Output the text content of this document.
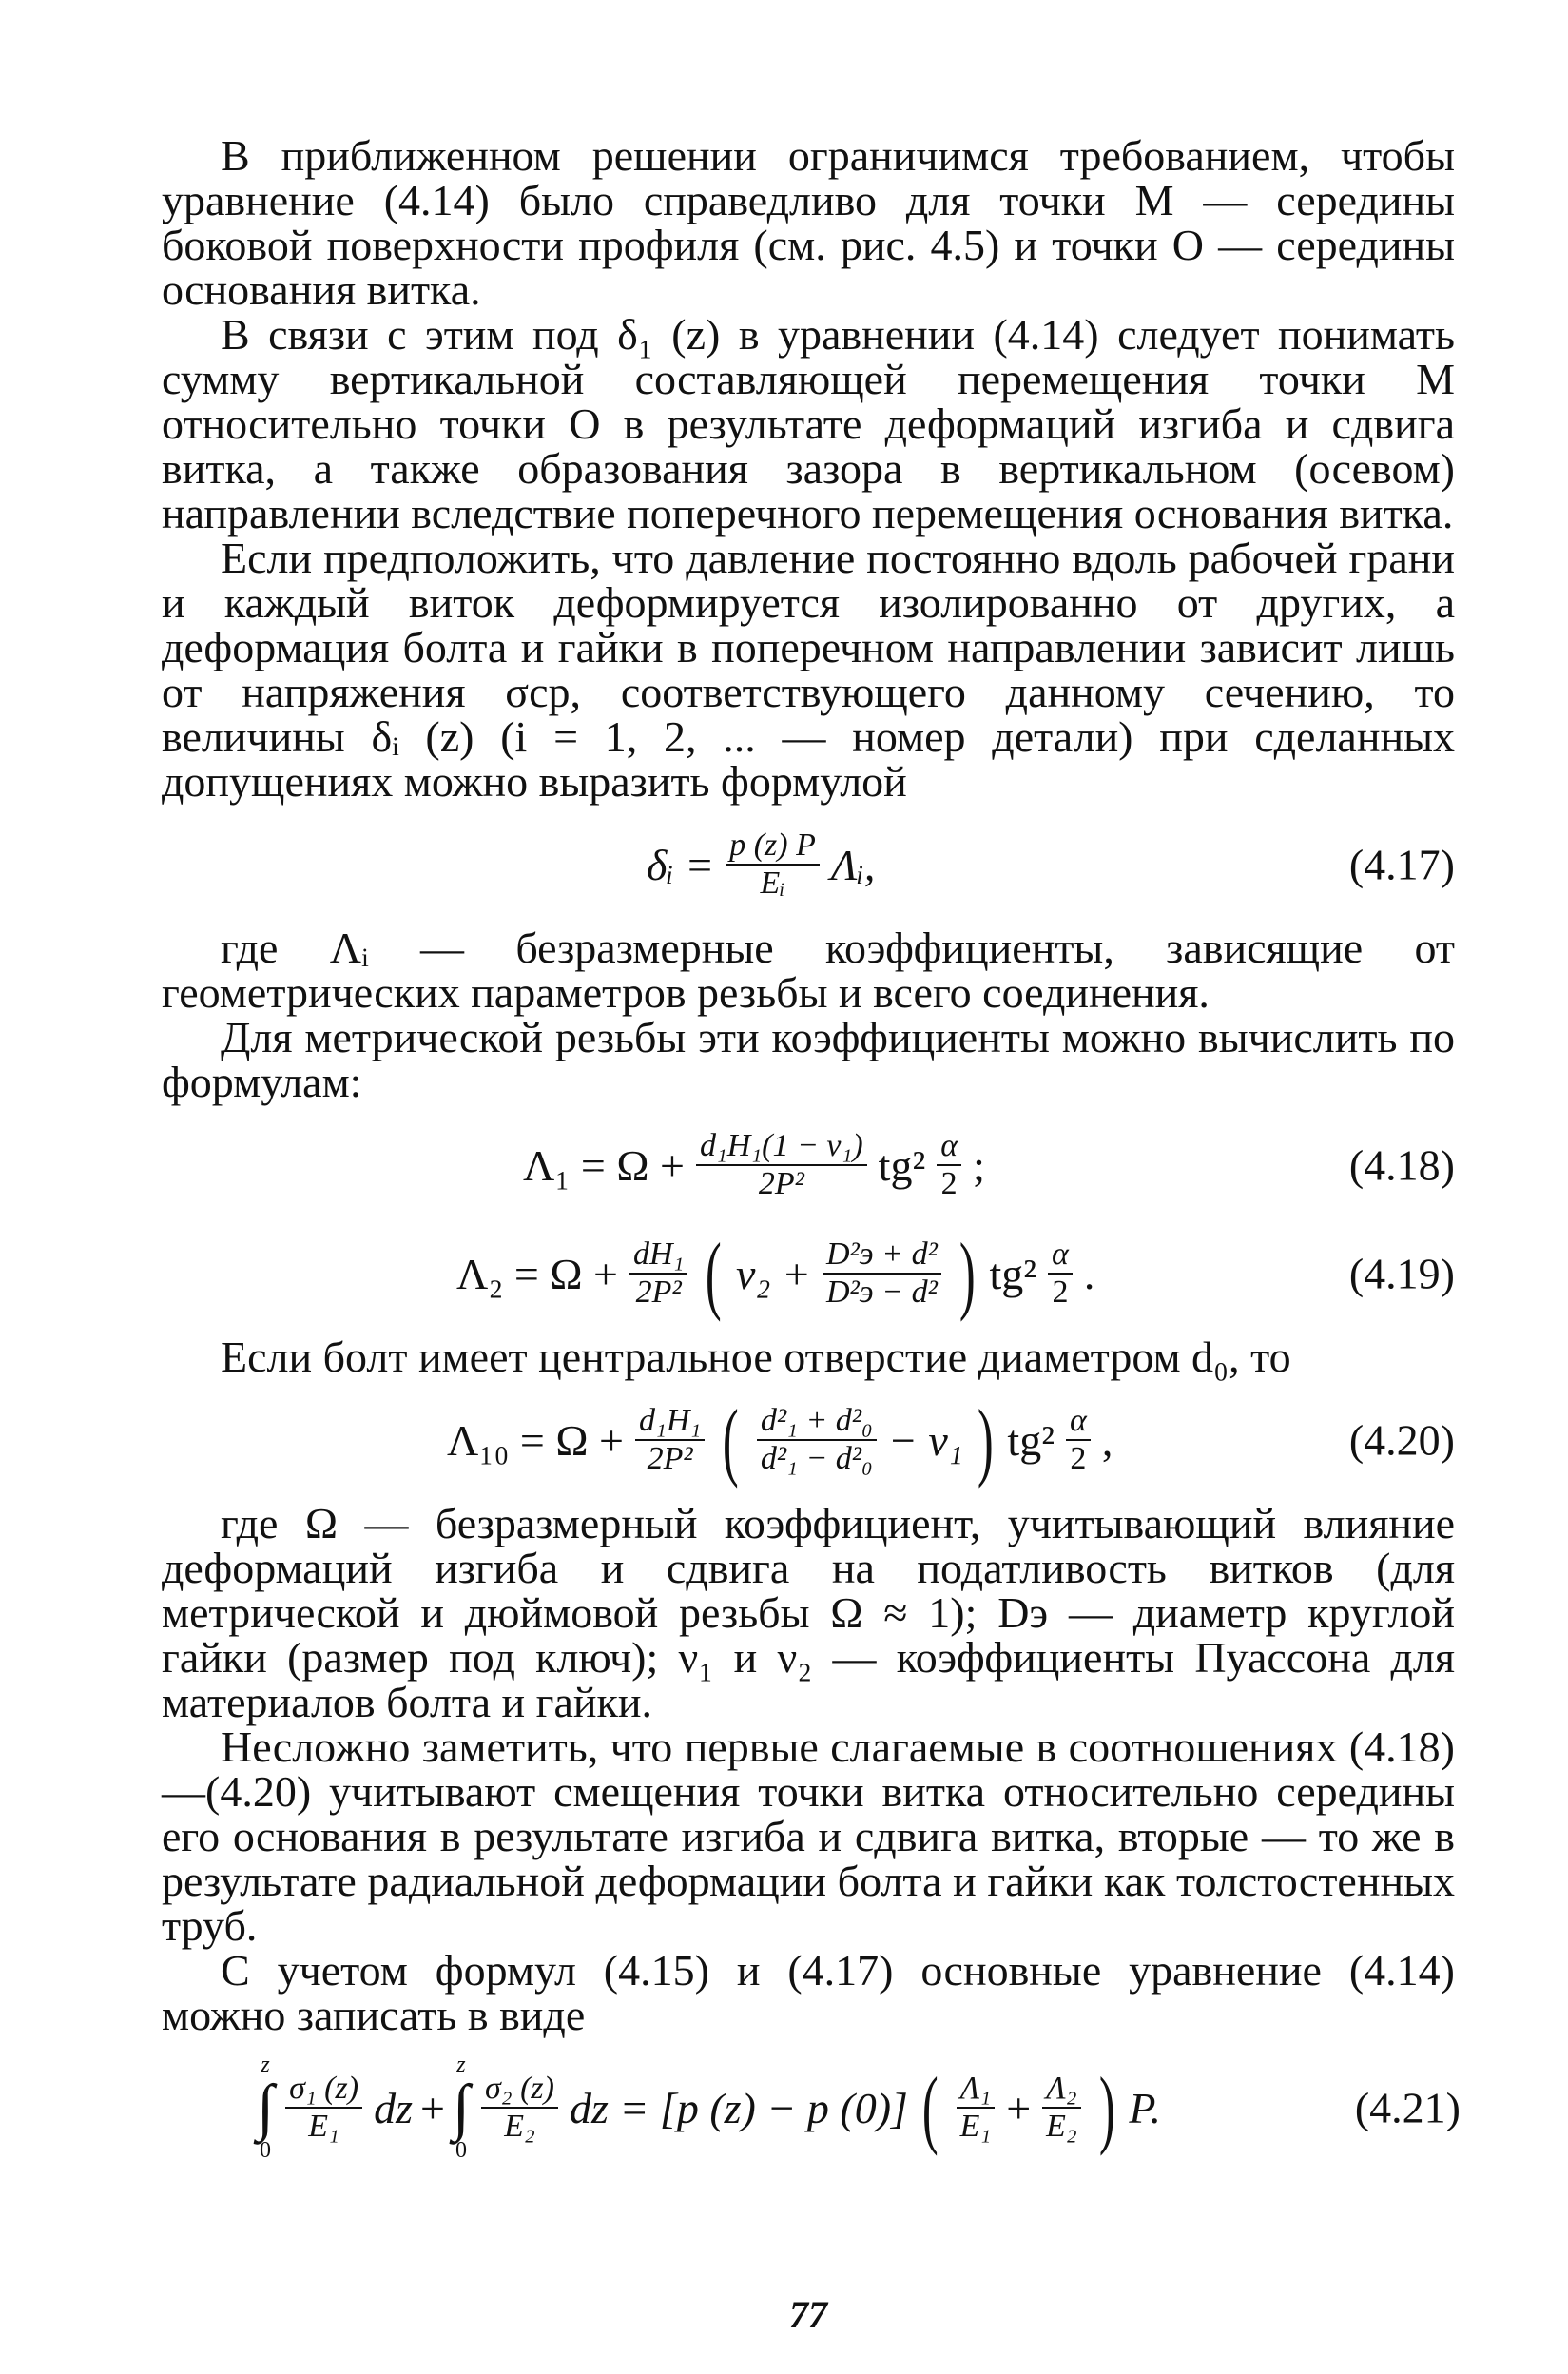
В приближенном решении ограничимся требованием, чтобы уравнение (4.14) было справедливо для точки M — середины боковой поверхности профиля (см. рис. 4.5) и точки O — середины основания витка.

В связи с этим под δ₁ (z) в уравнении (4.14) следует понимать сумму вертикальной составляющей перемещения точки M относительно точки O в результате деформаций изгиба и сдвига витка, а также образования зазора в вертикальном (осевом) направлении вследствие поперечного перемещения основания витка.

Если предположить, что давление постоянно вдоль рабочей грани и каждый виток деформируется изолированно от других, а деформация болта и гайки в поперечном направлении зависит лишь от напряжения σср, соответствующего данному сечению, то величины δᵢ (z) (i = 1, 2, ... — номер детали) при сделанных допущениях можно выразить формулой

δᵢ = $\frac{p (z) P}{\text{Eᵢ}}$ Λᵢ,	(4.17)

где Λᵢ — безразмерные коэффициенты, зависящие от геометрических параметров резьбы и всего соединения.

Для метрической резьбы эти коэффициенты можно вычислить по формулам:

$\Lambda_1 = \Omega + \frac{\text{d₁H₁(1 − ν₁)}}{\text{2P²}} tg^2 \frac{\alpha}{2}$ ;	(4.18)
$\Lambda_2 = \Omega + \frac{\text{dH₁}}{\text{2P²}}$ ( $\nu_2 + \frac{\text{D²э + d²}}{\text{D²э − d²}}$ ) $tg^2 \frac{\alpha}{2}$ .	(4.19)

Если болт имеет центральное отверстие диаметром d₀, то

$\Lambda_{10} = \Omega + \frac{\text{d₁H₁}}{\text{2P²}}$ ( $\frac{\text{d²₁ + d²₀}}{\text{d²₁ − d²₀}} - \nu_1$ ) $tg^2 \frac{\alpha}{2}$ ,	(4.20)

где Ω — безразмерный коэффициент, учитывающий влияние деформаций изгиба и сдвига на податливость витков (для метрической и дюймовой резьбы Ω ≈ 1); Dэ — диаметр круглой гайки (размер под ключ); ν₁ и ν₂ — коэффициенты Пуассона для материалов болта и гайки.

Несложно заметить, что первые слагаемые в соотношениях (4.18)—(4.20) учитывают смещения точки витка относительно середины его основания в результате изгиба и сдвига витка, вторые — то же в результате радиальной деформации болта и гайки как толстостенных труб.

С учетом формул (4.15) и (4.17) основные уравнение (4.14) можно записать в виде

z
∫
0
$\frac{\text{σ₁ (z)}}{\text{E₁}}$ dz +
z
∫
0
$\frac{\text{σ₂ (z)}}{\text{E₂}}$ dz = [p (z) − p (0)] ( $\frac{\text{Λ₁}}{\text{E₁}} + \frac{\text{Λ₂}}{\text{E₂}}$ ) P.	(4.21)
77
